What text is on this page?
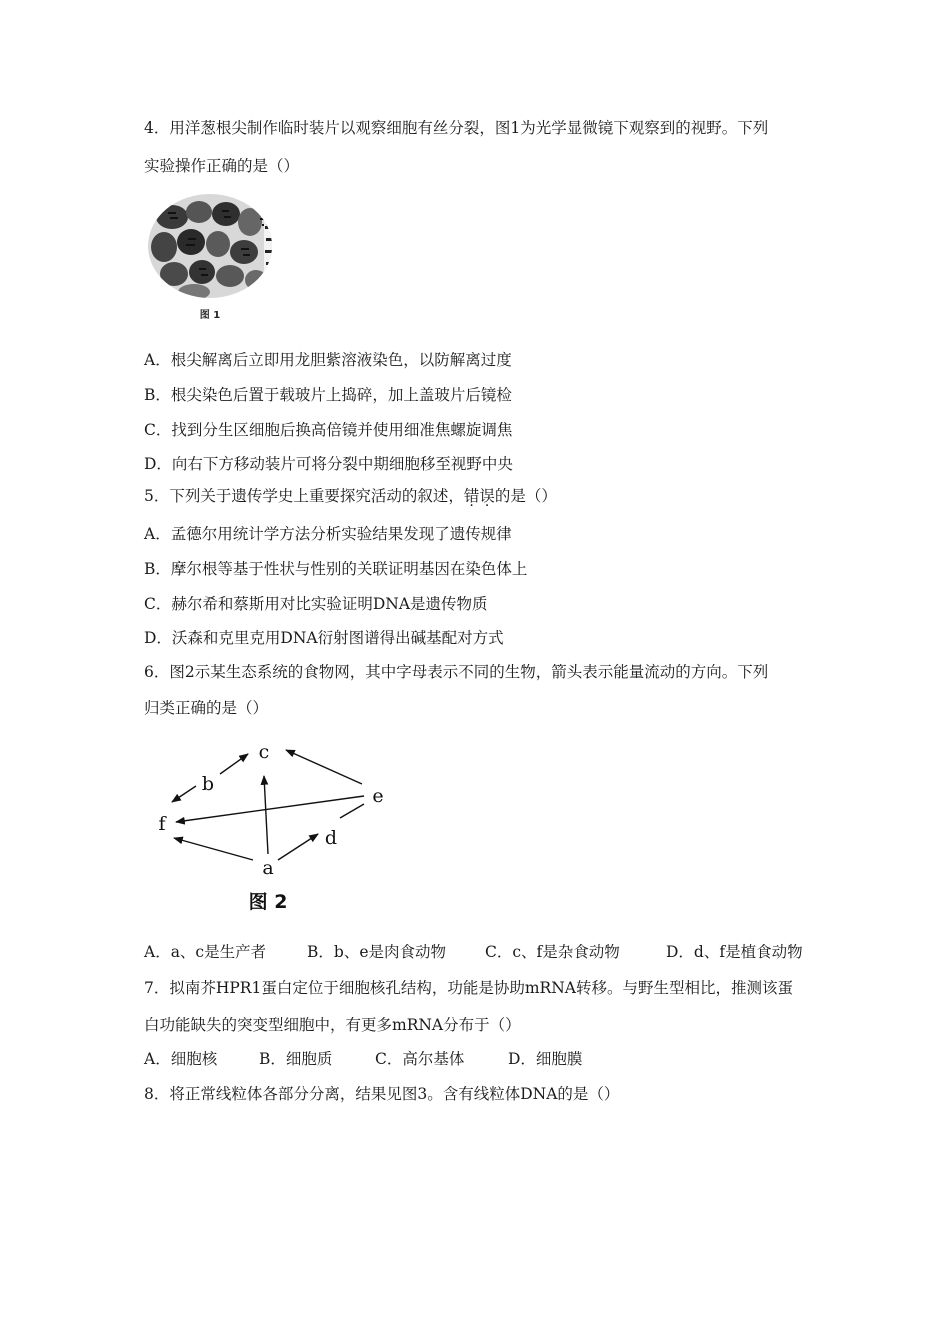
4．用洋葱根尖制作临时装片以观察细胞有丝分裂，图1为光学显微镜下观察到的视野。下列
实验操作正确的是（）
图 1
A．根尖解离后立即用龙胆紫溶液染色，以防解离过度
B．根尖染色后置于载玻片上捣碎，加上盖玻片后镜检
C．找到分生区细胞后换高倍镜并使用细准焦螺旋调焦
D．向右下方移动装片可将分裂中期细胞移至视野中央
5．下列关于遗传学史上重要探究活动的叙述，错误的是（）
A．孟德尔用统计学方法分析实验结果发现了遗传规律
B．摩尔根等基于性状与性别的关联证明基因在染色体上
C．赫尔希和蔡斯用对比实验证明DNA是遗传物质
D．沃森和克里克用DNA衍射图谱得出碱基配对方式
6．图2示某生态系统的食物网，其中字母表示不同的生物，箭头表示能量流动的方向。下列
归类正确的是（）
c
b
e
f
d
a
图 2
A．a、c是生产者	B．b、e是肉食动物	C．c、f是杂食动物	D．d、f是植食动物
7．拟南芥HPR1蛋白定位于细胞核孔结构，功能是协助mRNA转移。与野生型相比，推测该蛋
白功能缺失的突变型细胞中，有更多mRNA分布于（）
A．细胞核	B．细胞质	C．高尔基体	D．细胞膜
8．将正常线粒体各部分分离，结果见图3。含有线粒体DNA的是（）
